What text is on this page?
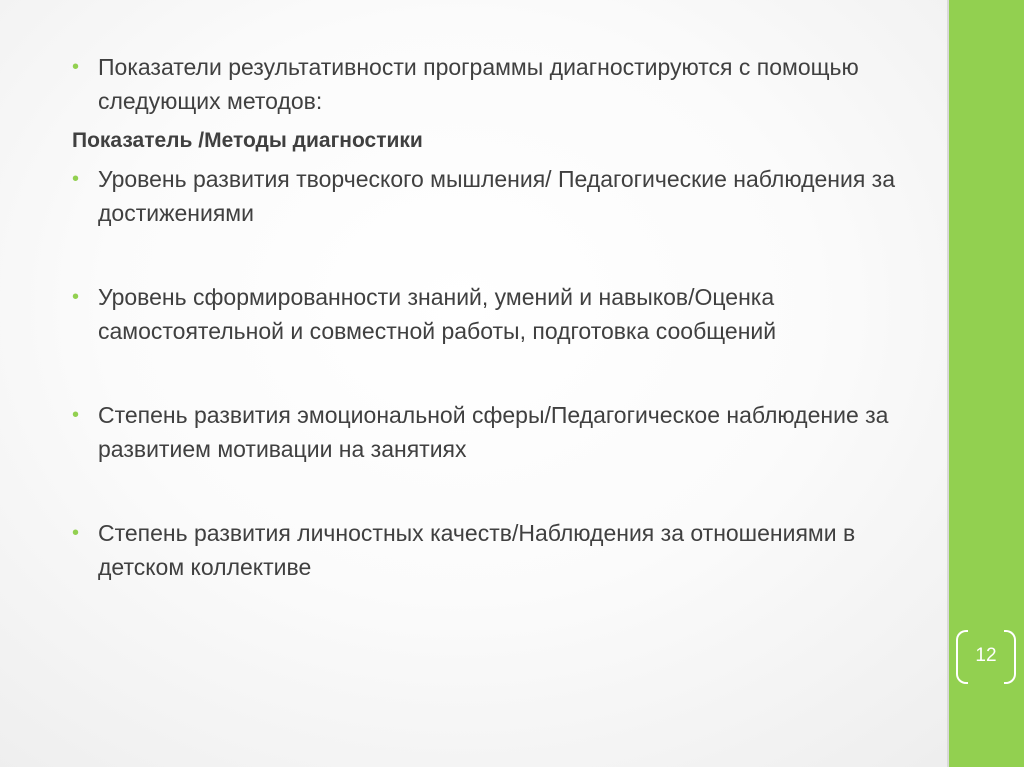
• Показатели результативности программы диагностируются с помощью следующих методов:
Показатель /Методы диагностики
• Уровень развития творческого мышления/ Педагогические наблюдения за достижениями
• Уровень сформированности знаний, умений и навыков/Оценка самостоятельной и совместной работы, подготовка сообщений
• Степень развития эмоциональной сферы/Педагогическое наблюдение за развитием мотивации на занятиях
• Степень развития личностных качеств/Наблюдения за отношениями в детском коллективе
12
